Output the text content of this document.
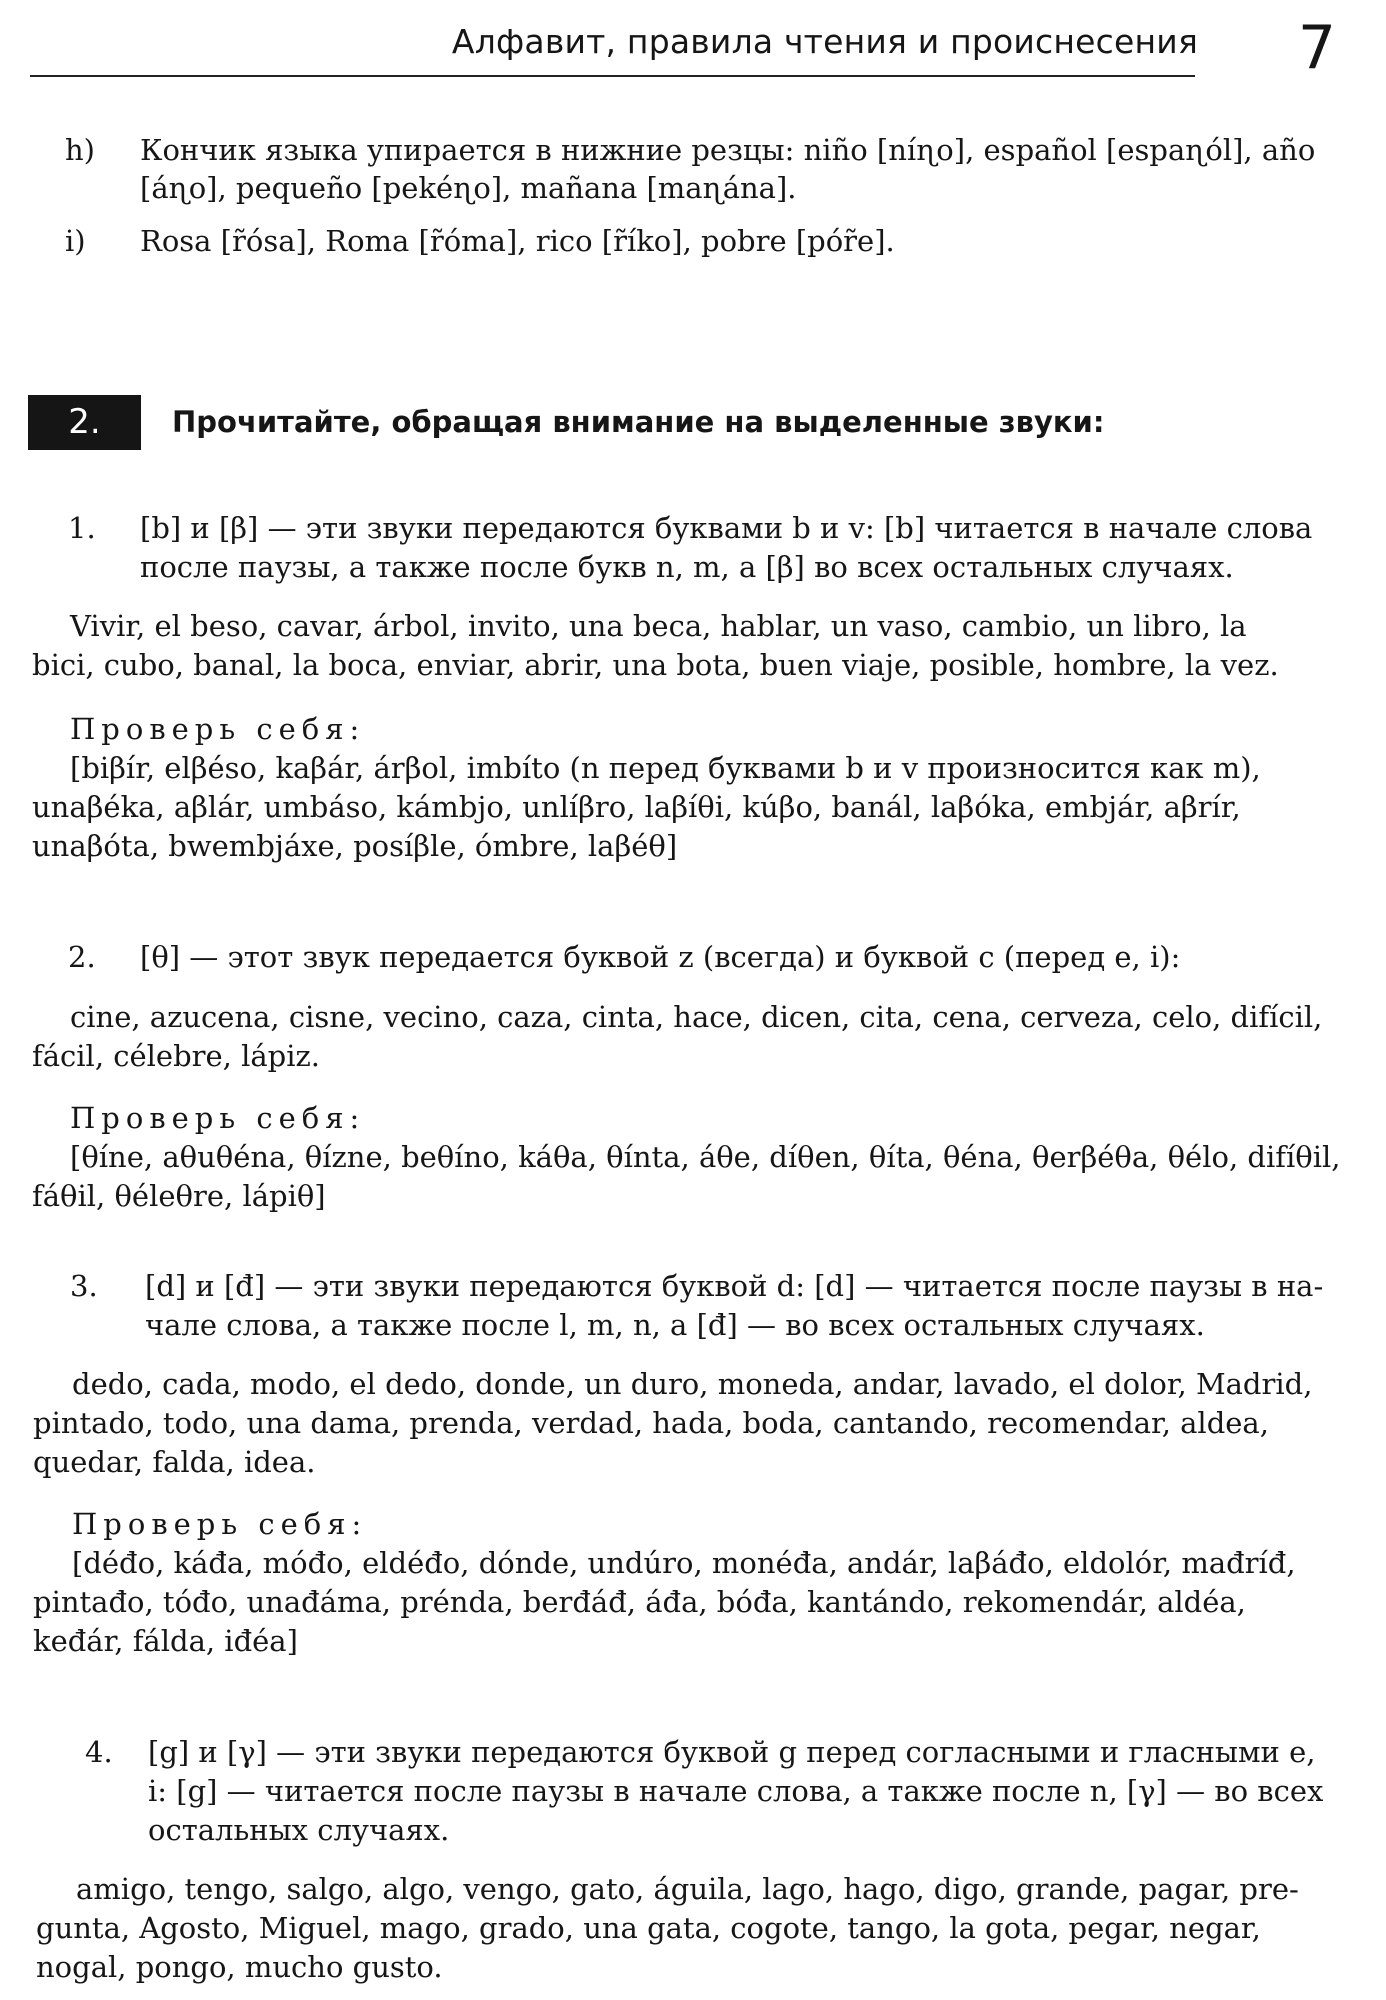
Алфавит, правила чтения и происнесения 7
h) Кончик языка упирается в нижние резцы: niño [níɳo], español [espaɳól], año
[áɳo], pequeño [pekéɳo], mañana [maɳána].
i) Rosa [r̃ósa], Roma [r̃óma], rico [r̃íko], pobre [pór̃e].
2.	Прочитайте, обращая внимание на выделенные звуки:
1. [b] и [β] — эти звуки передаются буквами b и v: [b] читается в начале слова
после паузы, а также после букв n, m, а [β] во всех остальных случаях.
Vivir, el beso, cavar, árbol, invito, una beca, hablar, un vaso, cambio, un libro, la
bici, cubo, banal, la boca, enviar, abrir, una bota, buen viaje, posible, hombre, la vez.
Проверь себя:
[biβír, elβéso, kaβár, árβol, imbíto (n перед буквами b и v произносится как m),
unaβéka, aβlár, umbáso, kámbjo, unlíβro, laβíθi, kúβo, banál, laβóka, embjár, aβrír,
unaβóta, bwembjáxe, posíβle, ómbre, laβéθ]
2. [θ] — этот звук передается буквой z (всегда) и буквой c (перед e, i):
cine, azucena, cisne, vecino, caza, cinta, hace, dicen, cita, cena, cerveza, celo, difícil,
fácil, célebre, lápiz.
Проверь себя:
[θíne, aθuθéna, θízne, beθíno, káθa, θínta, áθe, díθen, θíta, θéna, θerβéθa, θélo, difíθil,
fáθil, θéleθre, lápiθ]
3. [d] и [đ] — эти звуки передаются буквой d: [d] — читается после паузы в на-
чале слова, а также после l, m, n, а [đ] — во всех остальных случаях.
dedo, cada, modo, el dedo, donde, un duro, moneda, andar, lavado, el dolor, Madrid,
pintado, todo, una dama, prenda, verdad, hada, boda, cantando, recomendar, aldea,
quedar, falda, idea.
Проверь себя:
[déđo, káđa, móđo, eldéđo, dónde, undúro, monéđa, andár, laβáđo, eldolór, mađríđ,
pintađo, tóđo, unađáma, prénda, berđáđ, áđa, bóđa, kantándo, rekomendár, aldéa,
keđár, fálda, iđéa]
4. [g] и [γ] — эти звуки передаются буквой g перед согласными и гласными e,
i: [g] — читается после паузы в начале слова, а также после n, [γ] — во всех
остальных случаях.
amigo, tengo, salgo, algo, vengo, gato, águila, lago, hago, digo, grande, pagar, pre-
gunta, Agosto, Miguel, mago, grado, una gata, cogote, tango, la gota, pegar, negar,
nogal, pongo, mucho gusto.
